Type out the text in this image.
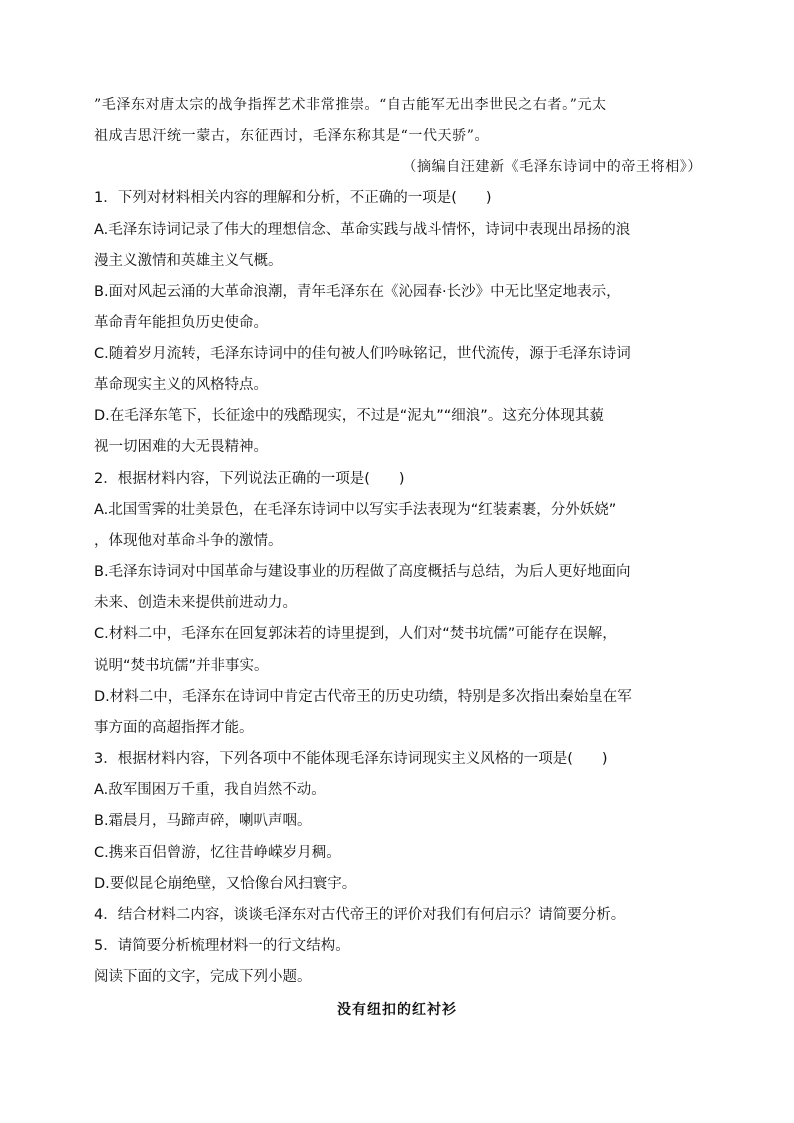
”毛泽东对唐太宗的战争指挥艺术非常推崇。“自古能军无出李世民之右者。”元太
祖成吉思汗统一蒙古，东征西讨，毛泽东称其是“一代天骄”。
（摘编自汪建新《毛泽东诗词中的帝王将相》）
1．下列对材料相关内容的理解和分析，不正确的一项是(　　)
A.毛泽东诗词记录了伟大的理想信念、革命实践与战斗情怀，诗词中表现出昂扬的浪
漫主义激情和英雄主义气概。
B.面对风起云涌的大革命浪潮，青年毛泽东在《沁园春·长沙》中无比坚定地表示，
革命青年能担负历史使命。
C.随着岁月流转，毛泽东诗词中的佳句被人们吟咏铭记，世代流传，源于毛泽东诗词
革命现实主义的风格特点。
D.在毛泽东笔下，长征途中的残酷现实，不过是“泥丸”“细浪”。这充分体现其藐
视一切困难的大无畏精神。
2．根据材料内容，下列说法正确的一项是(　　)
A.北国雪霁的壮美景色，在毛泽东诗词中以写实手法表现为“红装素裹，分外妖娆”
，体现他对革命斗争的激情。
B.毛泽东诗词对中国革命与建设事业的历程做了高度概括与总结，为后人更好地面向
未来、创造未来提供前进动力。
C.材料二中，毛泽东在回复郭沫若的诗里提到，人们对“焚书坑儒”可能存在误解，
说明“焚书坑儒”并非事实。
D.材料二中，毛泽东在诗词中肯定古代帝王的历史功绩，特别是多次指出秦始皇在军
事方面的高超指挥才能。
3．根据材料内容，下列各项中不能体现毛泽东诗词现实主义风格的一项是(　　)
A.敌军围困万千重，我自岿然不动。
B.霜晨月，马蹄声碎，喇叭声咽。
C.携来百侣曾游，忆往昔峥嵘岁月稠。
D.要似昆仑崩绝壁，又恰像台风扫寰宇。
4．结合材料二内容，谈谈毛泽东对古代帝王的评价对我们有何启示？请简要分析。
5．请简要分析梳理材料一的行文结构。
阅读下面的文字，完成下列小题。
没有纽扣的红衬衫
